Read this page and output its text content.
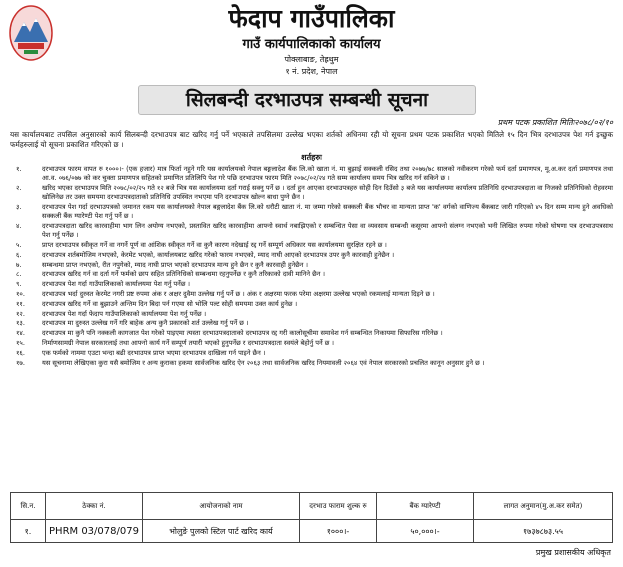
फेदाप गाउँपालिका
गाउँ कार्यपालिकाको कार्यालय
पोक्लाबाङ, तेह्रथुम
१ नं. प्रदेश, नेपाल
सिलबन्दी दरभाउपत्र सम्बन्धी सूचना
प्रथम पटक प्रकाशित मितिः२०७८/०२/१०
यस कार्यालयबाट तपसिल अनुसारको कार्य सिलबन्दी दरभाउपत्र बाट खरिद गर्नु पर्ने भएकाले तपसिलमा उल्लेख भएका शर्तको अधिनमा रही यो सूचना प्रथम पटक प्रकाशित भएको मितिले १५ दिन भित्र दरभाउपत्र पेश गर्न इच्छुक फर्महरुलाई यो सूचना प्रकाशित गरिएको छ ।
शर्तहरुः
१.	दरभाउपत्र फारम वापत रु १०००।- (एक हजार) मात्र फिर्ता नहुने गरि यस कार्यालयको नेपाल बङ्गलादेश बैंक लि.को खाता नं. मा बुझाई सक्कली रसिद तथा २०७७/७८ सालको नवीकरण गरेको फर्म दर्ता प्रमाणपत्र, मू.अ.कर दर्ता प्रमाणपत्र तथा आ.व. ०७६/०७७ को कर चुक्ता प्रमाणपत्र सहितको प्रमाणित प्रतिलिपि पेश गरे पछि दरभाउपत्र फारम मिति २०७८/०२/२४ गते सम्म कार्यालय समय भित्र खरिद गर्न सकिने छ ।
२.	खरिद भएका दरभाउपत्र मिति २०७८/०२/२५ गते १२ बजे भित्र यस कार्यालयमा दर्ता गराई सक्नु पर्ने छ । दर्ता हुन आएका दरभाउपत्रहरु सोही दिन दिउँसो ३ बजे यस कार्यालयमा कार्यालय प्रतिनिधि दरभाउपत्रदाता वा निजको प्रतिनिधिको रोहवरमा खोलिनेछ तर उक्त समयमा दरभाउपत्रदाताको प्रतिनिधि उपस्थित नभएमा पनि दरभाउपत्र खोल्न बाधा पुग्ने छैन ।
३.	दरभाउपत्र पेश गर्दा दरभाउपत्रको जमानत रकम यस कार्यालयको नेपाल बङ्गलादेश बैंक लि.को धरौटी खाता नं. मा जम्मा गरेको सक्कली बैंक भौचर वा मान्यता प्राप्त 'क' वर्गको वाणिज्य बैंकबाट जारी गरिएको ४५ दिन सम्म मान्य हुने अवधिको सक्कली बैंक ग्यारेण्टी पेश गर्नु पर्ने छ ।
४.	दरभाउपत्रदाता खरिद कारवाहीमा भाग लिन अयोग्य नभएको, प्रस्तावित खरिद कारवाहीमा आफ्नो स्वार्थ नबाझिएको र सम्बन्धित पेसा वा व्यवसाय सम्बन्धी कसूरमा आफ्नो संलग्न नभएको भनी लिखित रुपमा गरेको घोषणा पत्र दरभाउपत्रसाथ पेश गर्नु पर्नेछ ।
५.	प्राप्त दरभाउपत्र स्वीकृत गर्ने वा नगर्ने पूर्ण वा आंशिक स्वीकृत गर्ने वा कुनै कारण नदेखाई रद्द गर्ने सम्पूर्ण अधिकार यस कार्यालयमा सुरक्षित रहने छ ।
६.	दरभाउपत्र शर्तबमोजिम नभएको, केरमेट भएको, कार्यालयबाट खरिद गरेको फारम नभएको, म्याद नाघी आएको दरभाउपत्र उपर कुनै कारवाही हुनेछैन ।
७.	सम्बन्धमा प्राप्त नभएको, रीत नपुगेको, म्याद नाघी प्राप्त भएको दरभाउपत्र मान्य हुने छैन र कुनै कारवाही हुनेछैन ।
८.	दरभाउपत्र खरिद गर्न वा दर्ता गर्ने फर्मको छाप सहित प्रतिनिधिको सम्बन्धमा रहनुपर्नेछ र कुनै तरिकाको दावी मानिने छैन ।
९.	दरभाउपत्र पेश गर्दा गाउँपालिकाको कार्यालयमा पेश गर्नु पर्नेछ ।
१०.	दरभाउपत्र भर्दा दुरुस्त केरमेट नगरी प्रष्ट रुपमा अंक र अक्षर दुवैमा उल्लेख गर्नु पर्ने छ । अंक र अक्षरमा फरक परेमा अक्षरमा उल्लेख भएको रकमलाई मान्यता दिइने छ ।
११.	दरभाउपत्र खरिद गर्ने वा बुझाउने अन्तिम दिन बिदा पर्न गएमा सो भोलि पल्ट सोही समयमा उक्त कार्य हुनेछ ।
१२.	दरभाउपत्र पेश गर्दा फेदाप गाउँपालिकाको कार्यालयमा पेश गर्नु पर्नेछ ।
१३.	दरभाउपत्र मा दुरुस्त उल्लेख गर्ने गरि बाहेक अन्य कुनै प्रकारको शर्त उल्लेख गर्नु पर्ने छ ।
१४.	दरभाउपत्र मा कुनै पनि नक्कली कागजात पेश गरेको पाइएमा त्यस्ता दरभाउपत्रदाताको दरभाउपत्र रद्द गरी कालोसूचीमा समावेश गर्न सम्बन्धित निकायमा सिफारिस गरिनेछ ।
१५.	निर्माणसामग्री नेपाल सरकारलाई तथा आफ्नो कार्य गर्ने सम्पूर्ण तयारी भएको हुनुपर्नेछ र दरभाउपत्रदाता स्वयंले बेहोर्नु पर्ने छ ।
१६.	एक फर्मको नाममा एउटा भन्दा बढी दरभाउपत्र प्राप्त भएमा दरभाउपत्र दाखिला गर्न पाइने छैन ।
१७.	यस सूचनामा लेखिएका कुरा यसै बमोजिम र अन्य कुराका हकमा सार्वजनिक खरिद ऐन २०६३ तथा सार्वजनिक खरिद नियमावली २०६४ एवं नेपाल सरकारको प्रचलित कानून अनुसार हुने छ ।
सि.न.	ठेक्का नं.	आयोजनाको नाम	दरभाउ फाराम शुल्क रु	बैंक ग्यारेण्टी	लागत अनुमान(मु.अ.कर समेत)
१.	PHRM 03/078/079	भोलुङे पुलको स्टिल पार्ट खरिद कार्य	१०००।-	५०,०००।-	१७३७८७३.५५
प्रमुख प्रशासकीय अधिकृत
